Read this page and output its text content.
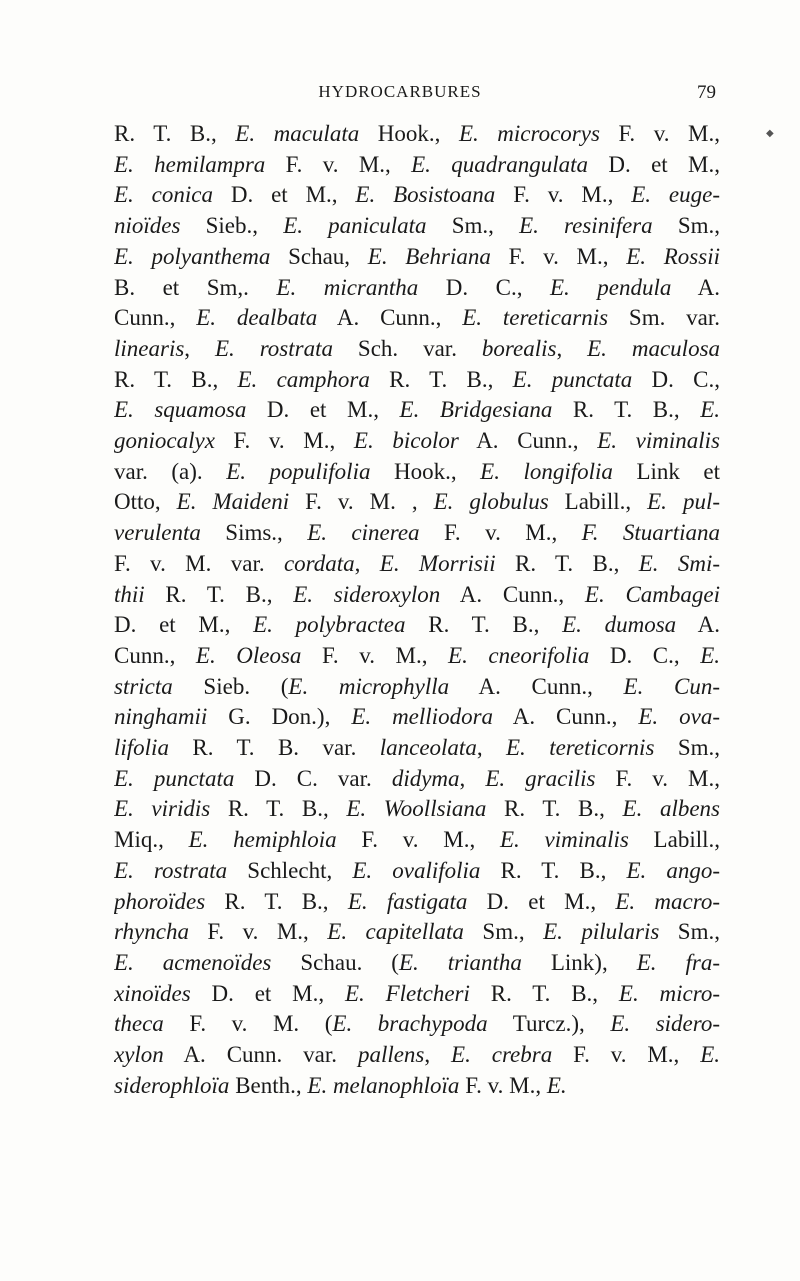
HYDROCARBURES	79
◆
R. T. B., E. maculata Hook., E. microcorys F. v. M.,
E. hemilampra F. v. M., E. quadrangulata D. et M.,
E. conica D. et M., E. Bosistoana F. v. M., E. euge-
nioïdes Sieb., E. paniculata Sm., E. resinifera Sm.,
E. polyanthema Schau, E. Behriana F. v. M., E. Rossii
B. et Sm,. E. micrantha D. C., E. pendula A.
Cunn., E. dealbata A. Cunn., E. tereticarnis Sm. var.
linearis, E. rostrata Sch. var. borealis, E. maculosa
R. T. B., E. camphora R. T. B., E. punctata D. C.,
E. squamosa D. et M., E. Bridgesiana R. T. B., E.
goniocalyx F. v. M., E. bicolor A. Cunn., E. viminalis
var. (a). E. populifolia Hook., E. longifolia Link et
Otto, E. Maideni F. v. M. , E. globulus Labill., E. pul-
verulenta Sims., E. cinerea F. v. M., F. Stuartiana
F. v. M. var. cordata, E. Morrisii R. T. B., E. Smi-
thii R. T. B., E. sideroxylon A. Cunn., E. Cambagei
D. et M., E. polybractea R. T. B., E. dumosa A.
Cunn., E. Oleosa F. v. M., E. cneorifolia D. C., E.
stricta Sieb. (E. microphylla A. Cunn., E. Cun-
ninghamii G. Don.), E. melliodora A. Cunn., E. ova-
lifolia R. T. B. var. lanceolata, E. tereticornis Sm.,
E. punctata D. C. var. didyma, E. gracilis F. v. M.,
E. viridis R. T. B., E. Woollsiana R. T. B., E. albens
Miq., E. hemiphloia F. v. M., E. viminalis Labill.,
E. rostrata Schlecht, E. ovalifolia R. T. B., E. ango-
phoroïdes R. T. B., E. fastigata D. et M., E. macro-
rhyncha F. v. M., E. capitellata Sm., E. pilularis Sm.,
E. acmenoïdes Schau. (E. triantha Link), E. fra-
xinoïdes D. et M., E. Fletcheri R. T. B., E. micro-
theca F. v. M. (E. brachypoda Turcz.), E. sidero-
xylon A. Cunn. var. pallens, E. crebra F. v. M., E.
siderophloïa Benth., E. melanophloïa F. v. M., E.
